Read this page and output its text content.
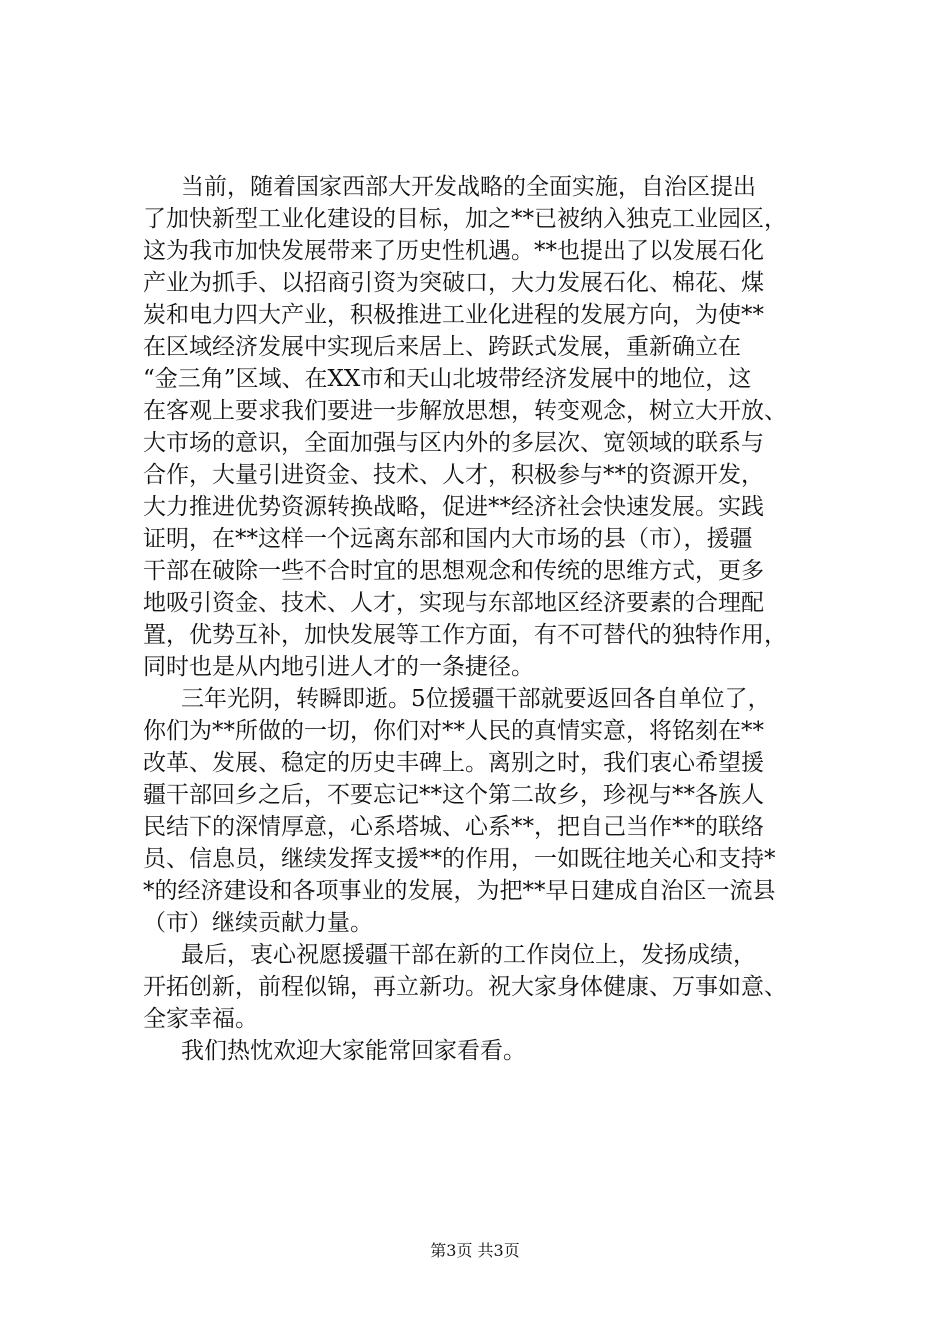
当前，随着国家西部大开发战略的全面实施，自治区提出
了加快新型工业化建设的目标，加之**已被纳入独克工业园区，
这为我市加快发展带来了历史性机遇。**也提出了以发展石化
产业为抓手、以招商引资为突破口，大力发展石化、棉花、煤
炭和电力四大产业，积极推进工业化进程的发展方向，为使**
在区域经济发展中实现后来居上、跨跃式发展，重新确立在
“金三角”区域、在XX市和天山北坡带经济发展中的地位，这
在客观上要求我们要进一步解放思想，转变观念，树立大开放、
大市场的意识，全面加强与区内外的多层次、宽领域的联系与
合作，大量引进资金、技术、人才，积极参与**的资源开发，
大力推进优势资源转换战略，促进**经济社会快速发展。实践
证明，在**这样一个远离东部和国内大市场的县（市），援疆
干部在破除一些不合时宜的思想观念和传统的思维方式，更多
地吸引资金、技术、人才，实现与东部地区经济要素的合理配
置，优势互补，加快发展等工作方面，有不可替代的独特作用，
同时也是从内地引进人才的一条捷径。
三年光阴，转瞬即逝。5位援疆干部就要返回各自单位了，
你们为**所做的一切，你们对**人民的真情实意，将铭刻在**
改革、发展、稳定的历史丰碑上。离别之时，我们衷心希望援
疆干部回乡之后，不要忘记**这个第二故乡，珍视与**各族人
民结下的深情厚意，心系塔城、心系**，把自己当作**的联络
员、信息员，继续发挥支援**的作用，一如既往地关心和支持*
*的经济建设和各项事业的发展，为把**早日建成自治区一流县
（市）继续贡献力量。
最后，衷心祝愿援疆干部在新的工作岗位上，发扬成绩，
开拓创新，前程似锦，再立新功。祝大家身体健康、万事如意、
全家幸福。
我们热忱欢迎大家能常回家看看。
第3页 共3页
